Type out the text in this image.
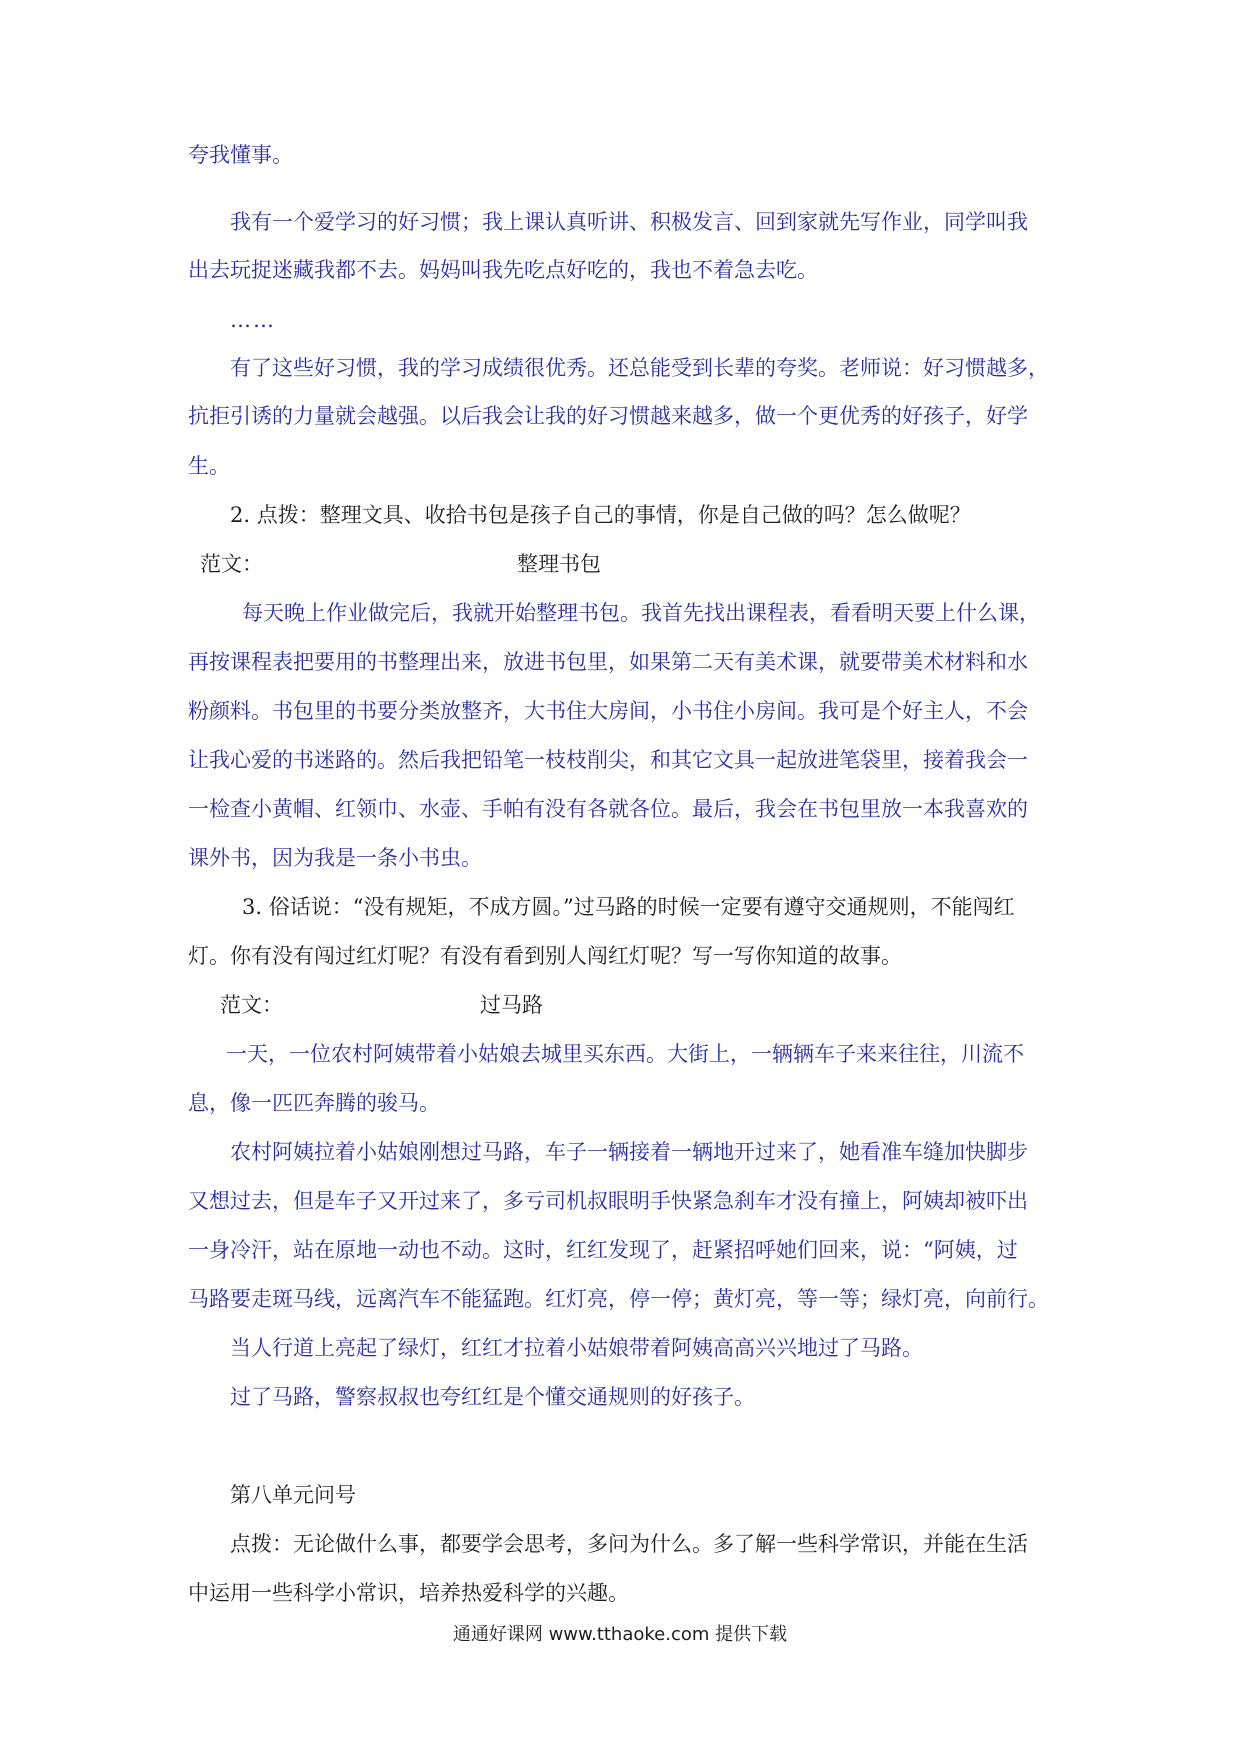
夸我懂事。

我有一个爱学习的好习惯；我上课认真听讲、积极发言、回到家就先写作业，同学叫我

出去玩捉迷藏我都不去。妈妈叫我先吃点好吃的，我也不着急去吃。

……

有了这些好习惯，我的学习成绩很优秀。还总能受到长辈的夸奖。老师说：好习惯越多，

抗拒引诱的力量就会越强。以后我会让我的好习惯越来越多，做一个更优秀的好孩子，好学

生。

2. 点拨：整理文具、收拾书包是孩子自己的事情，你是自己做的吗？怎么做呢？

范文：	整理书包

每天晚上作业做完后，我就开始整理书包。我首先找出课程表，看看明天要上什么课，

再按课程表把要用的书整理出来，放进书包里，如果第二天有美术课，就要带美术材料和水

粉颜料。书包里的书要分类放整齐，大书住大房间，小书住小房间。我可是个好主人，不会

让我心爱的书迷路的。然后我把铅笔一枝枝削尖，和其它文具一起放进笔袋里，接着我会一

一检查小黄帽、红领巾、水壶、手帕有没有各就各位。最后，我会在书包里放一本我喜欢的

课外书，因为我是一条小书虫。

3. 俗话说：“没有规矩，不成方圆。”过马路的时候一定要有遵守交通规则，不能闯红

灯。你有没有闯过红灯呢？有没有看到别人闯红灯呢？写一写你知道的故事。

范文：	过马路

一天，一位农村阿姨带着小姑娘去城里买东西。大街上，一辆辆车子来来往往，川流不

息，像一匹匹奔腾的骏马。

农村阿姨拉着小姑娘刚想过马路，车子一辆接着一辆地开过来了，她看准车缝加快脚步

又想过去，但是车子又开过来了，多亏司机叔眼明手快紧急刹车才没有撞上，阿姨却被吓出

一身冷汗，站在原地一动也不动。这时，红红发现了，赶紧招呼她们回来，说：“阿姨，过

马路要走斑马线，远离汽车不能猛跑。红灯亮，停一停；黄灯亮，等一等；绿灯亮，向前行。

当人行道上亮起了绿灯，红红才拉着小姑娘带着阿姨高高兴兴地过了马路。

过了马路，警察叔叔也夸红红是个懂交通规则的好孩子。

第八单元问号

点拨：无论做什么事，都要学会思考，多问为什么。多了解一些科学常识，并能在生活

中运用一些科学小常识，培养热爱科学的兴趣。

通通好课网 www.tthaoke.com 提供下载
